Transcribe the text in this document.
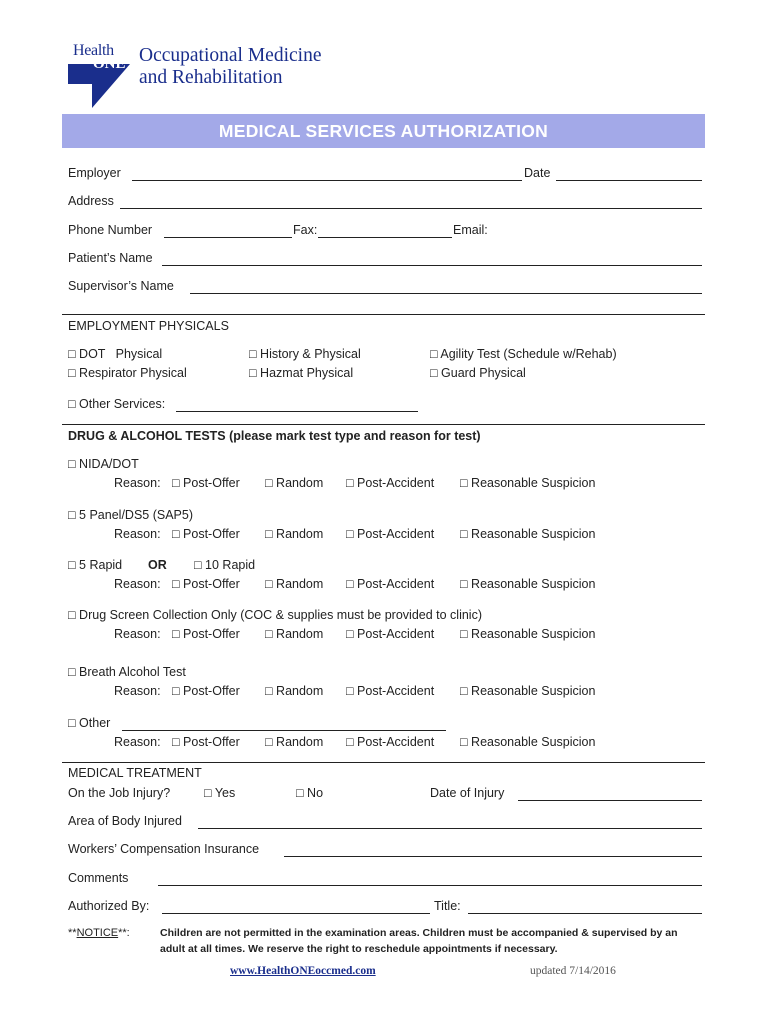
Health
ONE Occupational Medicine
and Rehabilitation
MEDICAL SERVICES AUTHORIZATION
Employer	Date
Address
Phone Number	Fax:	Email:
Patient’s Name
Supervisor’s Name
EMPLOYMENT PHYSICALS
□ DOT   Physical	□ History & Physical	□ Agility Test (Schedule w/Rehab)
□ Respirator Physical	□ Hazmat Physical	□ Guard Physical
□ Other Services:
DRUG & ALCOHOL TESTS (please mark test type and reason for test)
□ NIDA/DOT
Reason: □ Post-Offer □ Random □ Post-Accident □ Reasonable Suspicion
□ 5 Panel/DS5 (SAP5)
Reason: □ Post-Offer □ Random □ Post-Accident □ Reasonable Suspicion
□ 5 Rapid OR □ 10 Rapid
Reason: □ Post-Offer □ Random □ Post-Accident □ Reasonable Suspicion
□ Drug Screen Collection Only (COC & supplies must be provided to clinic)
Reason: □ Post-Offer □ Random □ Post-Accident □ Reasonable Suspicion
□ Breath Alcohol Test
Reason: □ Post-Offer □ Random □ Post-Accident □ Reasonable Suspicion
□ Other
Reason: □ Post-Offer □ Random □ Post-Accident □ Reasonable Suspicion
MEDICAL TREATMENT
On the Job Injury?	□ Yes	□ No	Date of Injury
Area of Body Injured
Workers’ Compensation Insurance
Comments
Authorized By:	Title:
**NOTICE**:	Children are not permitted in the examination areas. Children must be accompanied & supervised by an
adult at all times. We reserve the right to reschedule appointments if necessary.
www.HealthONEoccmed.com	updated 7/14/2016
